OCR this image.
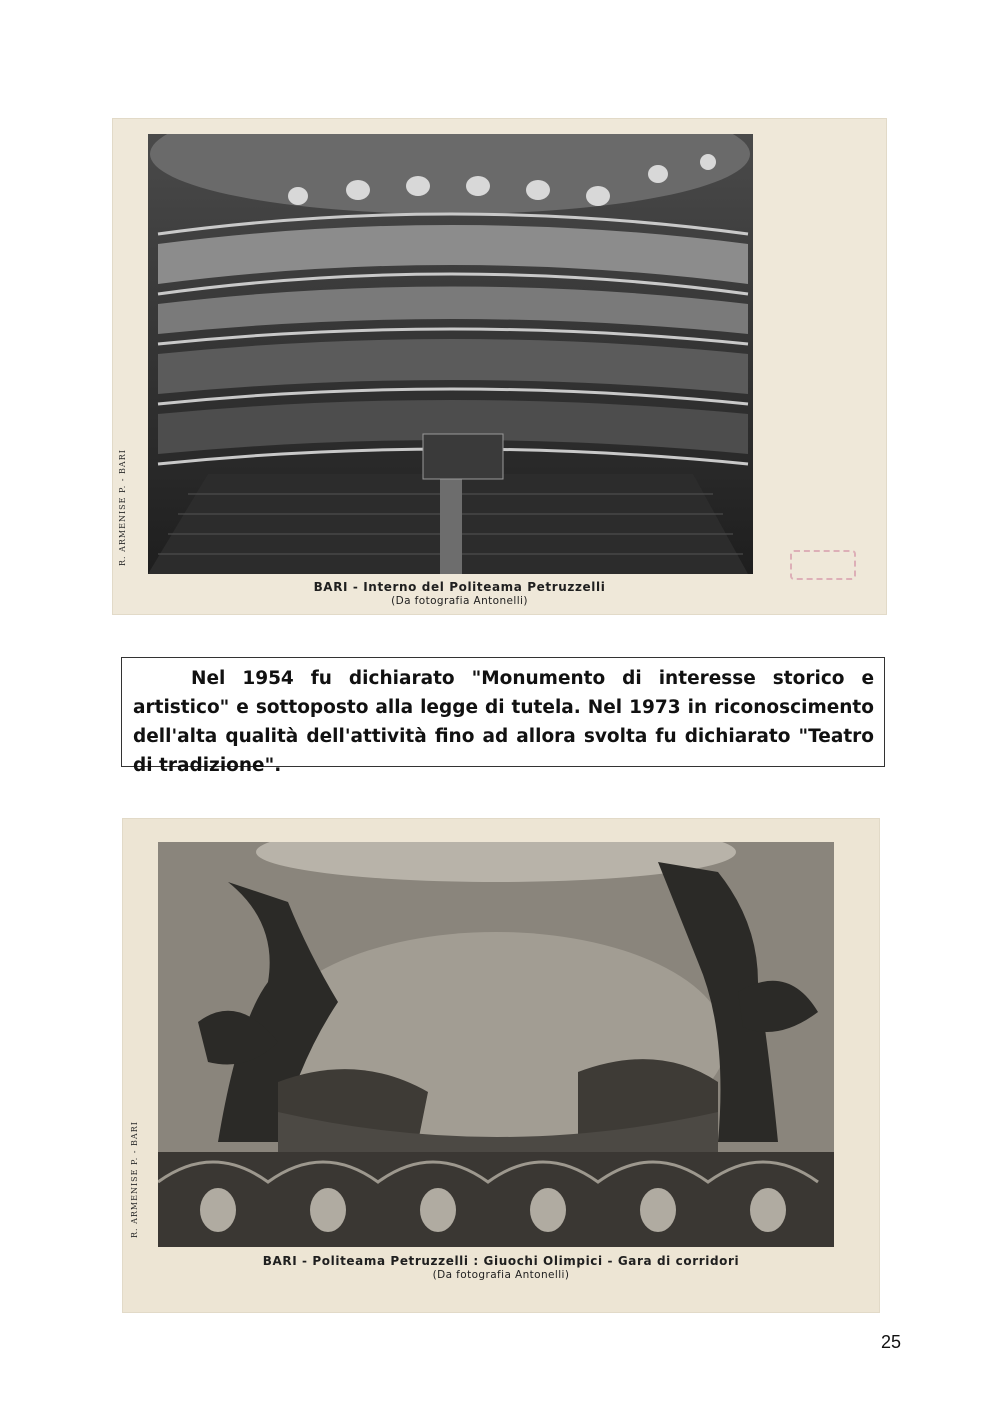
R. ARMENISE P. - BARI
BARI - Interno del Politeama Petruzzelli
(Da fotografia Antonelli)
Nel 1954 fu dichiarato "Monumento di interesse storico e artistico" e sottoposto alla legge di tutela. Nel 1973 in riconoscimento dell'alta qualità dell'attività fino ad allora svolta fu dichiarato "Teatro di tradizione".
R. ARMENISE P. - BARI
BARI - Politeama Petruzzelli : Giuochi Olimpici - Gara di corridori
(Da fotografia Antonelli)
25
